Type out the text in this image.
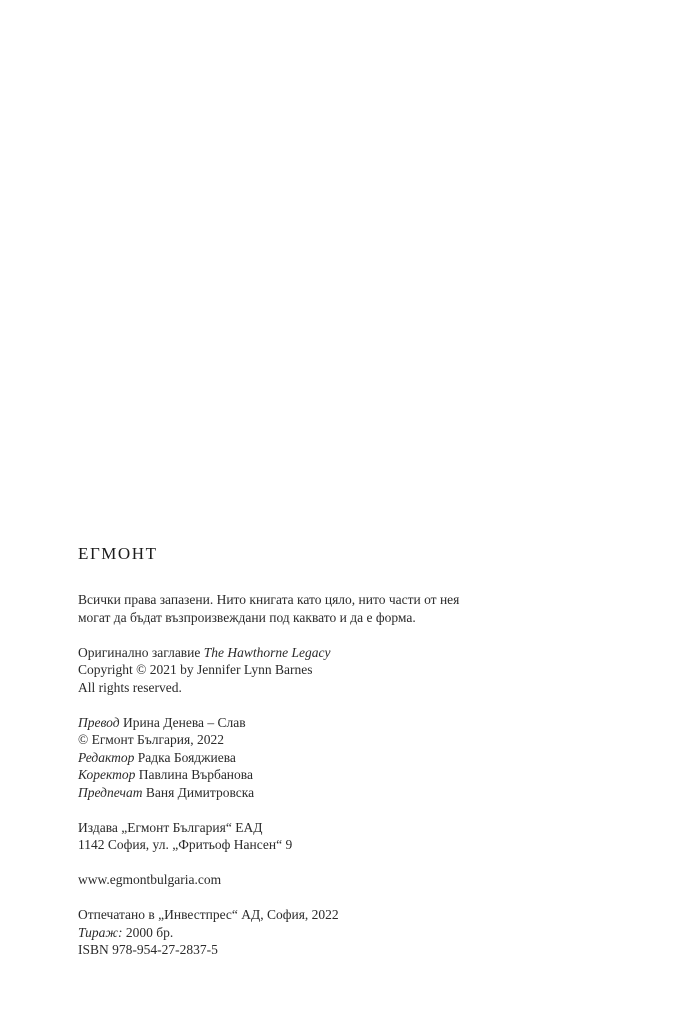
ЕГМОНТ
Всички права запазени. Нито книгата като цяло, нито части от нея
могат да бъдат възпроизвеждани под каквато и да е форма.
Оригинално заглавие The Hawthorne Legacy
Copyright © 2021 by Jennifer Lynn Barnes
All rights reserved.
Превод Ирина Денева – Слав
© Егмонт България, 2022
Редактор Радка Бояджиева
Коректор Павлина Върбанова
Предпечат Ваня Димитровска
Издава „Егмонт България“ ЕАД
1142 София, ул. „Фритьоф Нансен“ 9
www.egmontbulgaria.com
Отпечатано в „Инвестпрес“ АД, София, 2022
Тираж: 2000 бр.
ISBN 978-954-27-2837-5
